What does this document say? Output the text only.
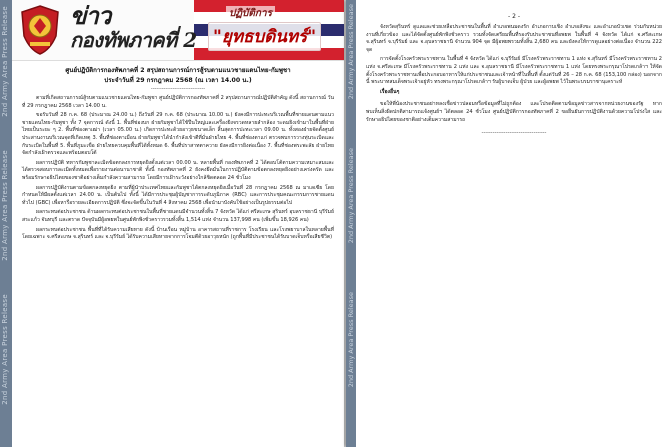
2nd Army Area Press Release
2nd Army Area Press Release
2nd Army Area Press Release
ข่าว
กองทัพภาคที่ 2
ปฏิบัติการ
"ยุทธบดินทร์"
ศูนย์ปฏิบัติการกองทัพภาคที่ 2 สรุปสถานการณ์การสู้รบตามแนวชายแดนไทย-กัมพูชา
ประจำวันที่ 29 กรกฎาคม 2568 (ณ เวลา 14.00 น.)
------------------------------

ตามที่เกิดสถานการณ์สู้รบตามแนวชายแดนไทย-กัมพูชา ศูนย์ปฏิบัติการกองทัพภาคที่ 2 สรุปสถานการณ์ปฏิบัติสำคัญ ดังนี้ สถานการณ์ วันที่ 29 กรกฎาคม 2568 เวลา 14.00 น.

ขอรับวันที่ 28 ก.ค. 68 (ประมาณ 24.00 น.) ถึงวันที่ 29 ก.ค. 68 (ประมาณ 10.00 น.) ยังคงมีการปะทะบริเวณพื้นที่ชายแดนตามแนวชายแดนไทย-กัมพูชา ทั้ง 7 จุดการณ์ ดังนี้ 1. พื้นที่ช่องบก ฝ่ายกัมพูชาได้ใช้ปืนใหญ่และเครื่องยิงจรวดหลายลำกล้อง ระดมยิงเข้ามาในพื้นที่ฝ่ายไทยเป็นระยะ ๆ 2. พื้นที่ช่องตาเฒ่า (เวลา 05.00 น.) เกิดการปะทะด้วยอาวุธขนาดเล็ก สิ้นสุดการปะทะเวลา 09.00 น. ทั้งสองฝ่ายจัดตั้งศูนย์ประสานงานบริเวณจุดที่เกิดเหตุ 3. พื้นที่ช่องตาเมือน ฝ่ายกัมพูชาได้นำกำลังเข้าตีที่มั่นฝ่ายไทย 4. พื้นที่ช่องตาแก่ ตรวจพบการวางทุ่นระเบิดและกับระเบิดในพื้นที่ 5. พื้นที่ภูมะเขือ ฝ่ายไทยควบคุมพื้นที่ได้ทั้งหมด 6. พื้นที่ปราสาทตาควาย ยังคงมีการยิงต่อเนื่อง 7. พื้นที่ช่องพระพะลัย ฝ่ายไทยจัดกำลังเฝ้าตรวจและพร้อมตอบโต้

ผลการปฏิบัติ ทหารกัมพูชาละเมิดข้อตกลงการหยุดยิงตั้งแต่เวลา 00.00 น. หลายพื้นที่ กองทัพภาคที่ 2 ได้ตอบโต้ตามความเหมาะสมและได้ตรวจสอบการละเมิดทั้งหมดเพื่อรายงานต่อนานาชาติ ทั้งนี้ กองทัพภาคที่ 2 ยังคงยึดมั่นในการปฏิบัติตามข้อตกลงหยุดยิงอย่างเคร่งครัด และพร้อมรักษาอธิปไตยของชาติอย่างเต็มกำลังความสามารถ โดยมีการเฝ้าระวังอย่างใกล้ชิดตลอด 24 ชั่วโมง

ผลการปฏิบัติงานตามข้อตกลงหยุดยิง ตามที่ผู้นำประเทศไทยและกัมพูชาได้ตกลงหยุดยิงเมื่อวันที่ 28 กรกฎาคม 2568 ณ มาเลเซีย โดยกำหนดให้มีผลตั้งแต่เวลา 24.00 น. เป็นต้นไป ทั้งนี้ ได้มีการประชุมผู้บัญชาการระดับภูมิภาค (RBC) และการประชุมคณะกรรมการชายแดนทั่วไป (GBC) เพื่อหารือรายละเอียดการปฏิบัติ ซึ่งจะจัดขึ้นในวันที่ 4 สิงหาคม 2568 เพื่อนำมาบังคับใช้อย่างเป็นรูปธรรมต่อไป

ผลกระทบต่อประชาชน ด้านผลกระทบต่อประชาชนในพื้นที่ชายแดนมีจำนวนทั้งสิ้น 7 จังหวัด ได้แก่ ศรีสะเกษ สุรินทร์ อุบลราชธานี บุรีรัมย์ สระแก้ว จันทบุรี และตราด ปัจจุบันมีผู้อพยพในศูนย์พักพิงชั่วคราวรวมทั้งสิ้น 1,514 แห่ง จำนวน 137,998 คน (เพิ่มขึ้น 18,926 คน)

ผลกระทบต่อประชาชน พื้นที่ที่ได้รับความเสียหาย ดังนี้ บ้านเรือน หมู่บ้าน อาคารสถานที่ราชการ โรงเรียน และโรงพยาบาลในหลายพื้นที่ โดยเฉพาะ จ.ศรีสะเกษ จ.สุรินทร์ และ จ.บุรีรัมย์ ได้รับความเสียหายจากการโจมตีด้วยอาวุธหนัก (ถูกพื้นที่มีประชาชนได้รับบาดเจ็บหรือเสียชีวิต)

2nd Army Area Press Release
2nd Army Area Press Release
2nd Army Area Press Release
- 2 -

จังหวัดสุรินทร์ ดูแลและช่วยเหลือประชาชนในพื้นที่ อำเภอพนมดงรัก อำเภอกาบเชิง อำเภอสังขะ และอำเภอบัวเชด ร่วมกับหน่วยงานที่เกี่ยวข้อง และได้จัดตั้งศูนย์พักพิงชั่วคราว รวมทั้งจัดเตรียมพื้นที่รองรับประชาชนที่อพยพ ในพื้นที่ 4 จังหวัด ได้แก่ จ.ศรีสะเกษ จ.สุรินทร์ จ.บุรีรัมย์ และ จ.อุบลราชธานี จำนวน 904 จุด มีผู้อพยพรวมทั้งสิ้น 2,680 คน และยังคงให้การดูแลอย่างต่อเนื่อง จำนวน 222 จุด

การจัดตั้งโรงครัวพระราชทาน ในพื้นที่ 4 จังหวัด ได้แก่ จ.บุรีรัมย์ มีโรงครัวพระราชทาน 1 แห่ง จ.สุรินทร์ มีโรงครัวพระราชทาน 2 แห่ง จ.ศรีสะเกษ มีโรงครัวพระราชทาน 2 แห่ง และ จ.อุบลราชธานี มีโรงครัวพระราชทาน 1 แห่ง โดยทรงพระกรุณาโปรดเกล้าฯ ให้จัดตั้งโรงครัวพระราชทานเพื่อประกอบอาหารให้แก่ประชาชนและเจ้าหน้าที่ในพื้นที่ ตั้งแต่วันที่ 26 – 28 ก.ค. 68 (153,100 กล่อง) นอกจากนี้ พระบาทสมเด็จพระเจ้าอยู่หัว ทรงพระกรุณาโปรดเกล้าฯ รับผู้บาดเจ็บ ผู้ป่วย และผู้อพยพ ไว้ในพระบรมราชานุเคราะห์

เรื่องอื่นๆ

ขอให้พี่น้องประชาชนอย่าหลงเชื่อข่าวปลอมหรือข้อมูลที่ไม่ถูกต้อง และโปรดติดตามข้อมูลข่าวสารจากหน่วยงานของรัฐ หากพบเห็นสิ่งผิดปกติสามารถแจ้งศูนย์ฯ ได้ตลอด 24 ชั่วโมง ศูนย์ปฏิบัติการกองทัพภาคที่ 2 ขอยืนยันการปฏิบัติงานด้วยความโปร่งใส และรักษาอธิปไตยของชาติอย่างเต็มความสามารถ

------------------------------
